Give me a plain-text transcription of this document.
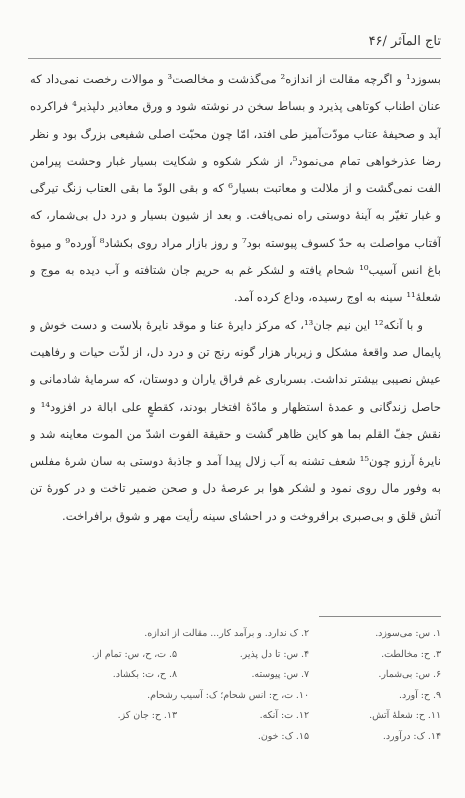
تاج المآثر /۴۶

بسوزد¹ و اگرچه مقالت از اندازه² می‌گذشت و مخالصت³ و موالات رخصت نمی‌داد که عنان اطناب کوتاهی پذیرد و بساط سخن در نوشته شود و ورق معاذیر دلپذیر⁴ فراکرده آید و صحیفهٔ عتاب مودّت‌آمیز طی افتد، امّا چون محبّت اصلی شفیعی بزرگ بود و نظر رضا عذرخواهی تمام می‌نمود⁵، از شکر شکوه و شکایت بسیار غبار وحشت پیرامن الفت نمی‌گشت و از ملالت و معاتبت بسیار⁶ که و بقی الودّ ما بقی العتاب زنگ تیرگی و غبار تغیّر به آینهٔ دوستی راه نمی‌یافت. و بعد از شیون بسیار و درد دل بی‌شمار، که آفتاب مواصلت به حدّ کسوف پیوسته بود⁷ و روز بازار مراد روی بکشاد⁸ آورده⁹ و میوهٔ باغ انس آسیب¹⁰ شحام یافته و لشکر غم به حریم جان شتافته و آب دیده به موج و شعلهٔ¹¹ سینه به اوج رسیده، وداع کرده آمد.

و با آنکه¹² این نیم جان¹³، که مرکز دایرهٔ عنا و موقد نایرهٔ بلاست و دست خوش و پایمال صد واقعهٔ مشکل و زیربار هزار گونه رنج تن و درد دل، از لذّت حیات و رفاهیت عیش نصیبی بیشتر نداشت. بسرباری غم فراق یاران و دوستان، که سرمایهٔ شادمانی و حاصل زندگانی و عمدهٔ استظهار و مادّهٔ افتخار بودند، کقطعٍ علی ابالة در افزود¹⁴ و نقش جفّ القلم بما هو کاین ظاهر گشت و حقیقة الفوت اشدّ من الموت معاینه شد و نایرهٔ آرزو چون¹⁵ شعف تشنه به آب زلال پیدا آمد و جاذبهٔ دوستی به سان شرهٔ مفلس به وفور مال روی نمود و لشکر هوا بر عرصهٔ دل و صحن ضمیر تاخت و در کورهٔ تن آتش قلق و بی‌صبری برافروخت و در احشای سینه رأیت مهر و شوق برافراخت.

۱. س: می‌سوزد.
۲. ک ندارد. و برآمد کار... مقالت از اندازه.
۳. ح: مخالطت.
۴. س: تا دل پذیر.
۵. ت، ح، س: تمام از.
۶. س: بی‌شمار.
۷. س: پیوسته.
۸. ح، ت: بکشاد.
۹. ح: آورد.
۱۰. ت، ح: انس شحام؛ ک: آسیب رشحام.
۱۱. ح: شعلهٔ آتش.
۱۲. ت: آنکه.
۱۳. ح: جان کز.
۱۴. ک: درآورد.
۱۵. ک: خون.
